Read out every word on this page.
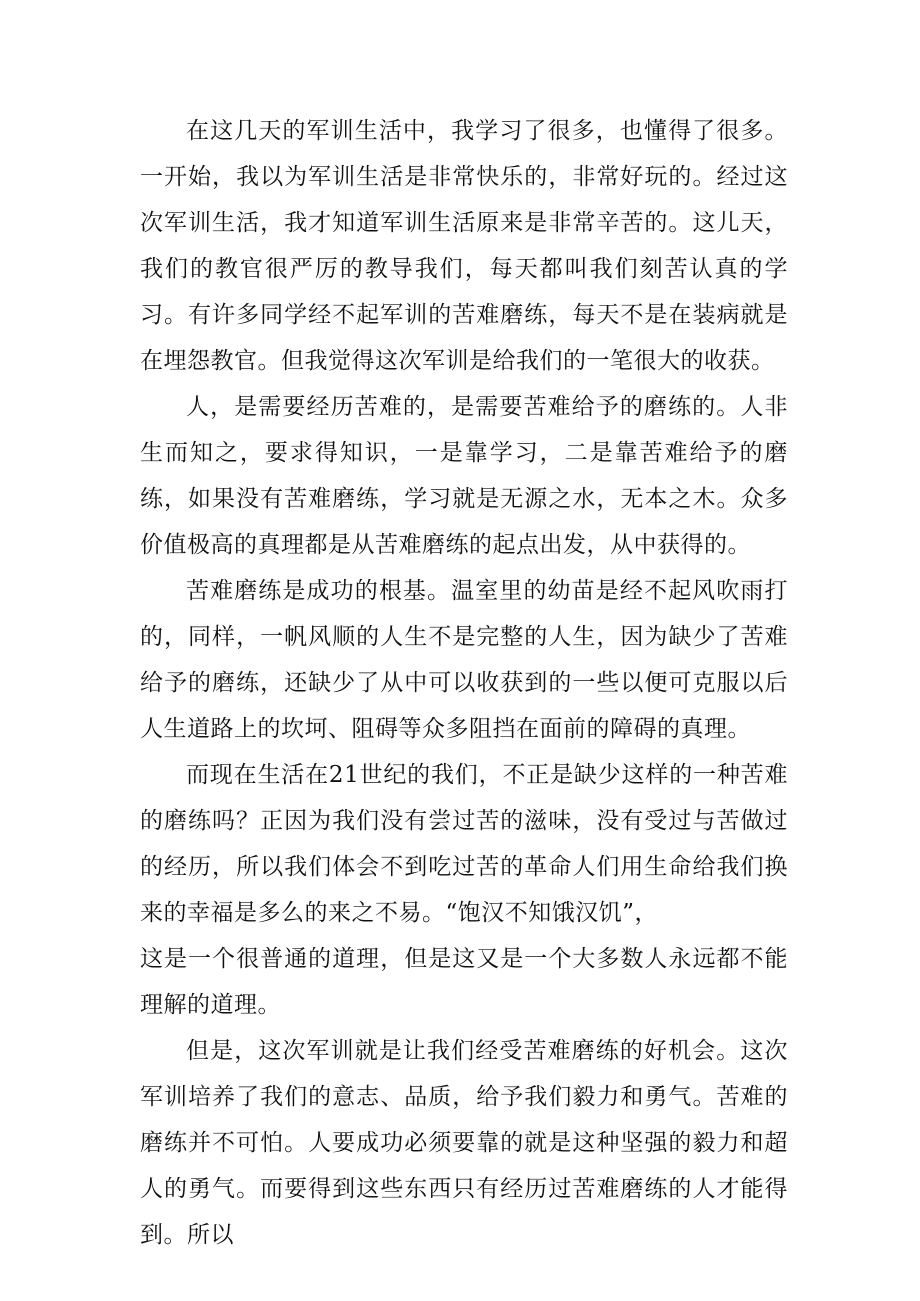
在这几天的军训生活中，我学习了很多，也懂得了很多。一开始，我以为军训生活是非常快乐的，非常好玩的。经过这次军训生活，我才知道军训生活原来是非常辛苦的。这儿天，我们的教官很严厉的教导我们，每天都叫我们刻苦认真的学习。有许多同学经不起军训的苦难磨练，每天不是在装病就是在埋怨教官。但我觉得这次军训是给我们的一笔很大的收获。

人，是需要经历苦难的，是需要苦难给予的磨练的。人非生而知之，要求得知识，一是靠学习，二是靠苦难给予的磨练，如果没有苦难磨练，学习就是无源之水，无本之木。众多价值极高的真理都是从苦难磨练的起点出发，从中获得的。

苦难磨练是成功的根基。温室里的幼苗是经不起风吹雨打的，同样，一帆风顺的人生不是完整的人生，因为缺少了苦难给予的磨练，还缺少了从中可以收获到的一些以便可克服以后人生道路上的坎坷、阻碍等众多阻挡在面前的障碍的真理。

而现在生活在21世纪的我们，不正是缺少这样的一种苦难的磨练吗？正因为我们没有尝过苦的滋味，没有受过与苦做过的经历，所以我们体会不到吃过苦的革命人们用生命给我们换来的幸福是多么的来之不易。“饱汉不知饿汉饥”，

这是一个很普通的道理，但是这又是一个大多数人永远都不能理解的道理。

但是，这次军训就是让我们经受苦难磨练的好机会。这次军训培养了我们的意志、品质，给予我们毅力和勇气。苦难的磨练并不可怕。人要成功必须要靠的就是这种坚强的毅力和超人的勇气。而要得到这些东西只有经历过苦难磨练的人才能得到。所以
